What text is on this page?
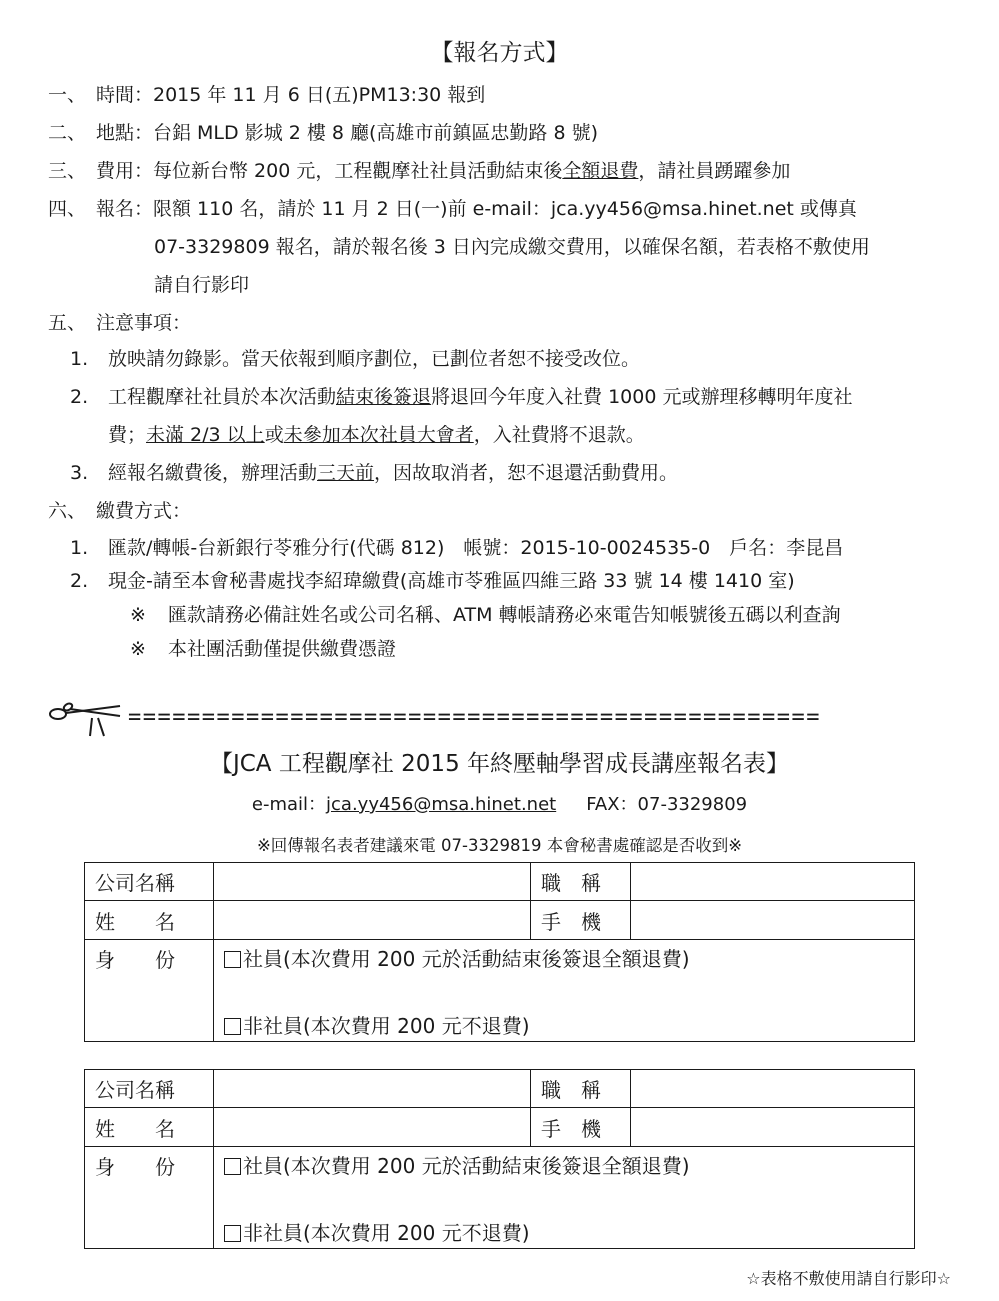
【報名方式】
一、 時間：2015 年 11 月 6 日(五)PM13:30 報到
二、 地點：台鋁 MLD 影城 2 樓 8 廳(高雄市前鎮區忠勤路 8 號)
三、 費用：每位新台幣 200 元，工程觀摩社社員活動結束後全額退費，請社員踴躍參加
四、 報名：限額 110 名，請於 11 月 2 日(一)前 e-mail：jca.yy456@msa.hinet.net 或傳真
07-3329809 報名，請於報名後 3 日內完成繳交費用，以確保名額，若表格不敷使用
請自行影印
五、 注意事項：
1. 放映請勿錄影。當天依報到順序劃位，已劃位者恕不接受改位。
2. 工程觀摩社社員於本次活動結束後簽退將退回今年度入社費 1000 元或辦理移轉明年度社
費；未滿 2/3 以上或未參加本次社員大會者，入社費將不退款。
3. 經報名繳費後，辦理活動三天前，因故取消者，恕不退還活動費用。
六、 繳費方式：
1. 匯款/轉帳-台新銀行苓雅分行(代碼 812)　帳號：2015-10-0024535-0　戶名：李昆昌
2. 現金-請至本會秘書處找李紹瑋繳費(高雄市苓雅區四維三路 33 號 14 樓 1410 室)
※ 匯款請務必備註姓名或公司名稱、ATM 轉帳請務必來電告知帳號後五碼以利查詢
※ 本社團活動僅提供繳費憑證
===============================================
【JCA 工程觀摩社 2015 年終壓軸學習成長講座報名表】
e-mail：jca.yy456@msa.hinet.net FAX：07-3329809
※回傳報名表者建議來電 07-3329819 本會秘書處確認是否收到※
公司名稱		職　稱	
姓　　名		手　機	
身　　份	社員(本次費用 200 元於活動結束後簽退全額退費)
非社員(本次費用 200 元不退費)		
公司名稱		職　稱	
姓　　名		手　機	
身　　份	社員(本次費用 200 元於活動結束後簽退全額退費)
非社員(本次費用 200 元不退費)		
☆表格不敷使用請自行影印☆
